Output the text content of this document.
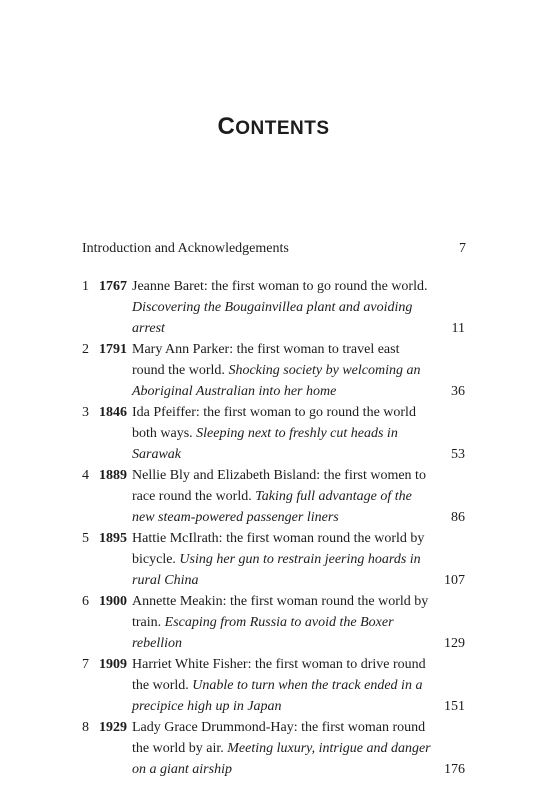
CONTENTS
Introduction and Acknowledgements	7
1 1767 Jeanne Baret: the first woman to go round the world. Discovering the Bougainvillea plant and avoiding arrest	11
2 1791 Mary Ann Parker: the first woman to travel east round the world. Shocking society by welcoming an Aboriginal Australian into her home	36
3 1846 Ida Pfeiffer: the first woman to go round the world both ways. Sleeping next to freshly cut heads in Sarawak	53
4 1889 Nellie Bly and Elizabeth Bisland: the first women to race round the world. Taking full advantage of the new steam-powered passenger liners	86
5 1895 Hattie McIlrath: the first woman round the world by bicycle. Using her gun to restrain jeering hoards in rural China	107
6 1900 Annette Meakin: the first woman round the world by train. Escaping from Russia to avoid the Boxer rebellion	129
7 1909 Harriet White Fisher: the first woman to drive round the world. Unable to turn when the track ended in a precipice high up in Japan	151
8 1929 Lady Grace Drummond-Hay: the first woman round the world by air. Meeting luxury, intrigue and danger on a giant airship	176
